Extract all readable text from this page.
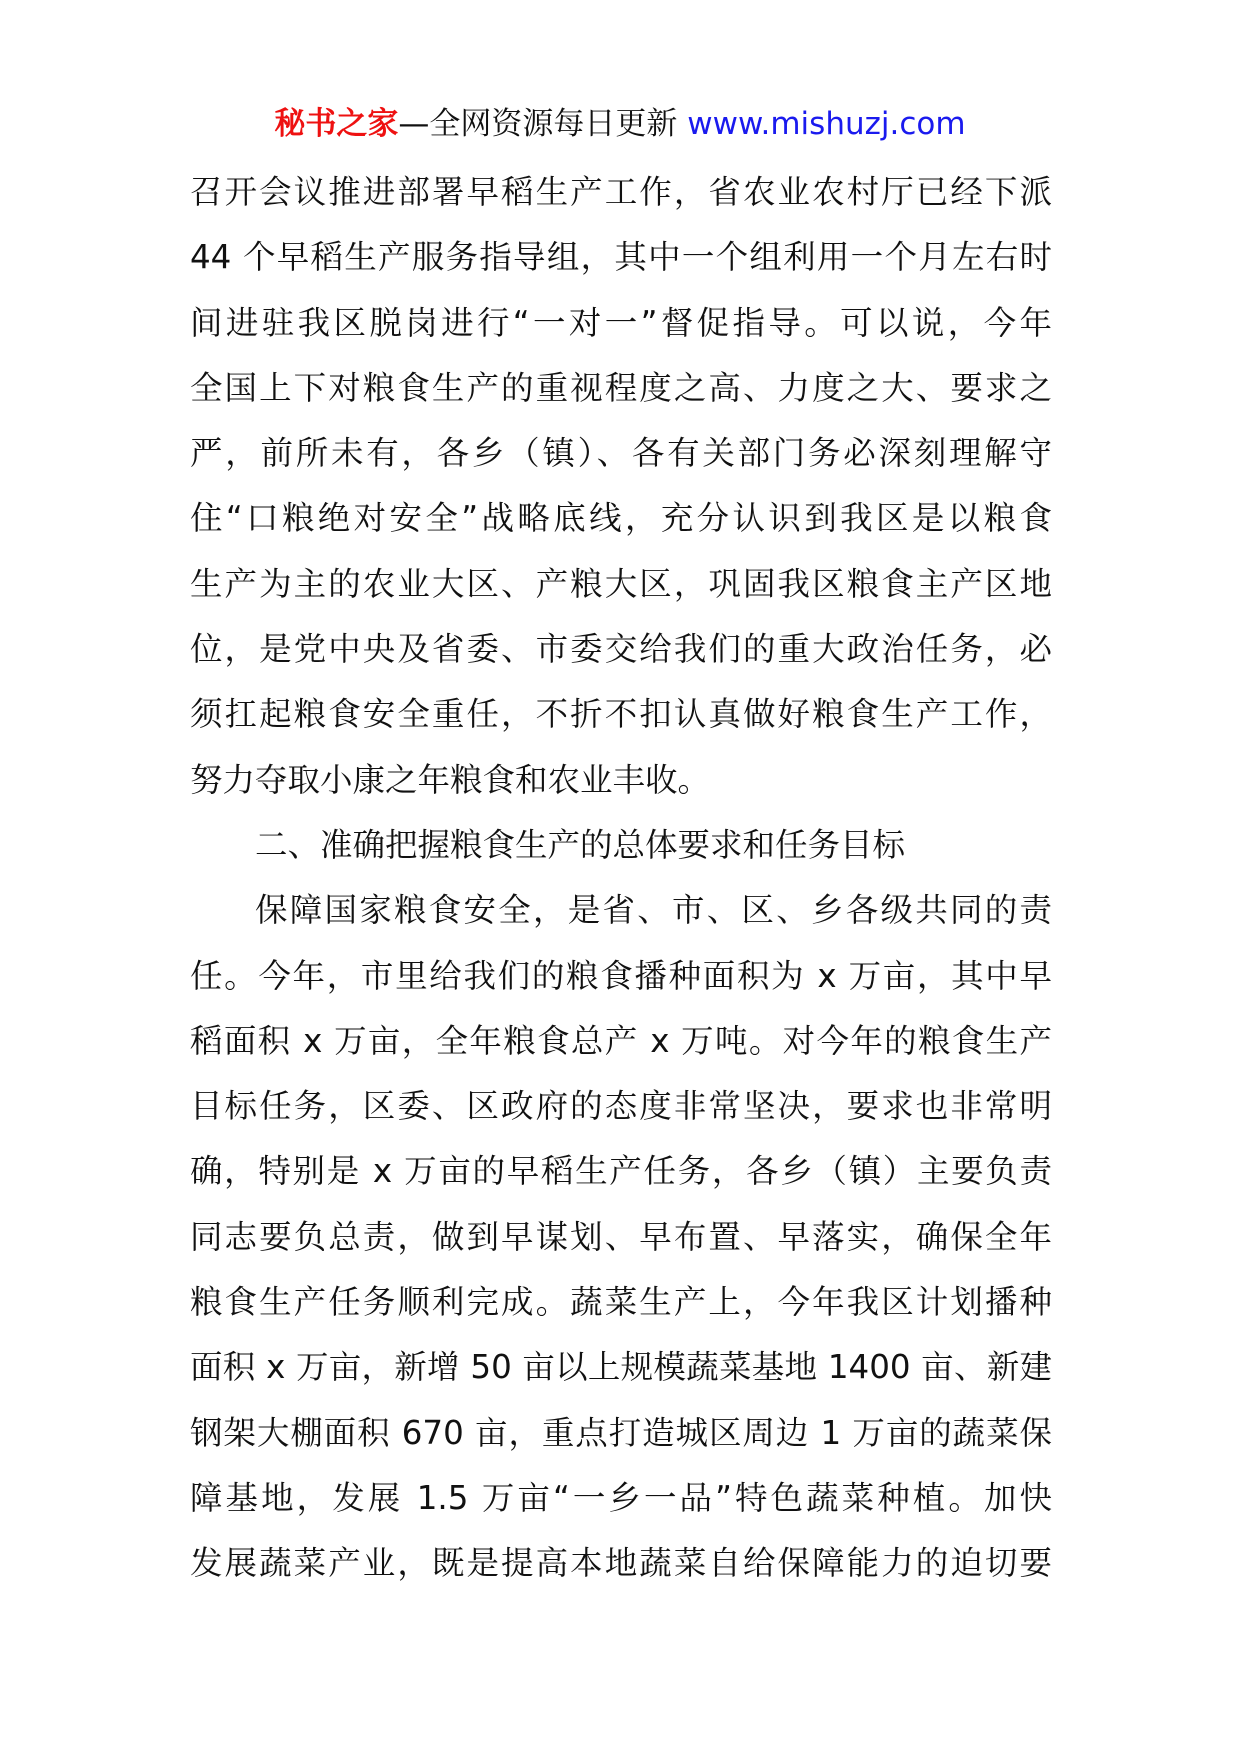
秘书之家—全网资源每日更新 www.mishuzj.com
召开会议推进部署早稻生产工作，省农业农村厅已经下派
44 个早稻生产服务指导组，其中一个组利用一个月左右时
间进驻我区脱岗进行“一对一”督促指导。可以说，今年
全国上下对粮食生产的重视程度之高、力度之大、要求之
严，前所未有，各乡（镇）、各有关部门务必深刻理解守
住“口粮绝对安全”战略底线，充分认识到我区是以粮食
生产为主的农业大区、产粮大区，巩固我区粮食主产区地
位，是党中央及省委、市委交给我们的重大政治任务，必
须扛起粮食安全重任，不折不扣认真做好粮食生产工作，
努力夺取小康之年粮食和农业丰收。
二、准确把握粮食生产的总体要求和任务目标
保障国家粮食安全，是省、市、区、乡各级共同的责
任。今年，市里给我们的粮食播种面积为 x 万亩，其中早
稻面积 x 万亩，全年粮食总产 x 万吨。对今年的粮食生产
目标任务，区委、区政府的态度非常坚决，要求也非常明
确，特别是 x 万亩的早稻生产任务，各乡（镇）主要负责
同志要负总责，做到早谋划、早布置、早落实，确保全年
粮食生产任务顺利完成。蔬菜生产上，今年我区计划播种
面积 x 万亩，新增 50 亩以上规模蔬菜基地 1400 亩、新建
钢架大棚面积 670 亩，重点打造城区周边 1 万亩的蔬菜保
障基地，发展 1.5 万亩“一乡一品”特色蔬菜种植。加快
发展蔬菜产业，既是提高本地蔬菜自给保障能力的迫切要
